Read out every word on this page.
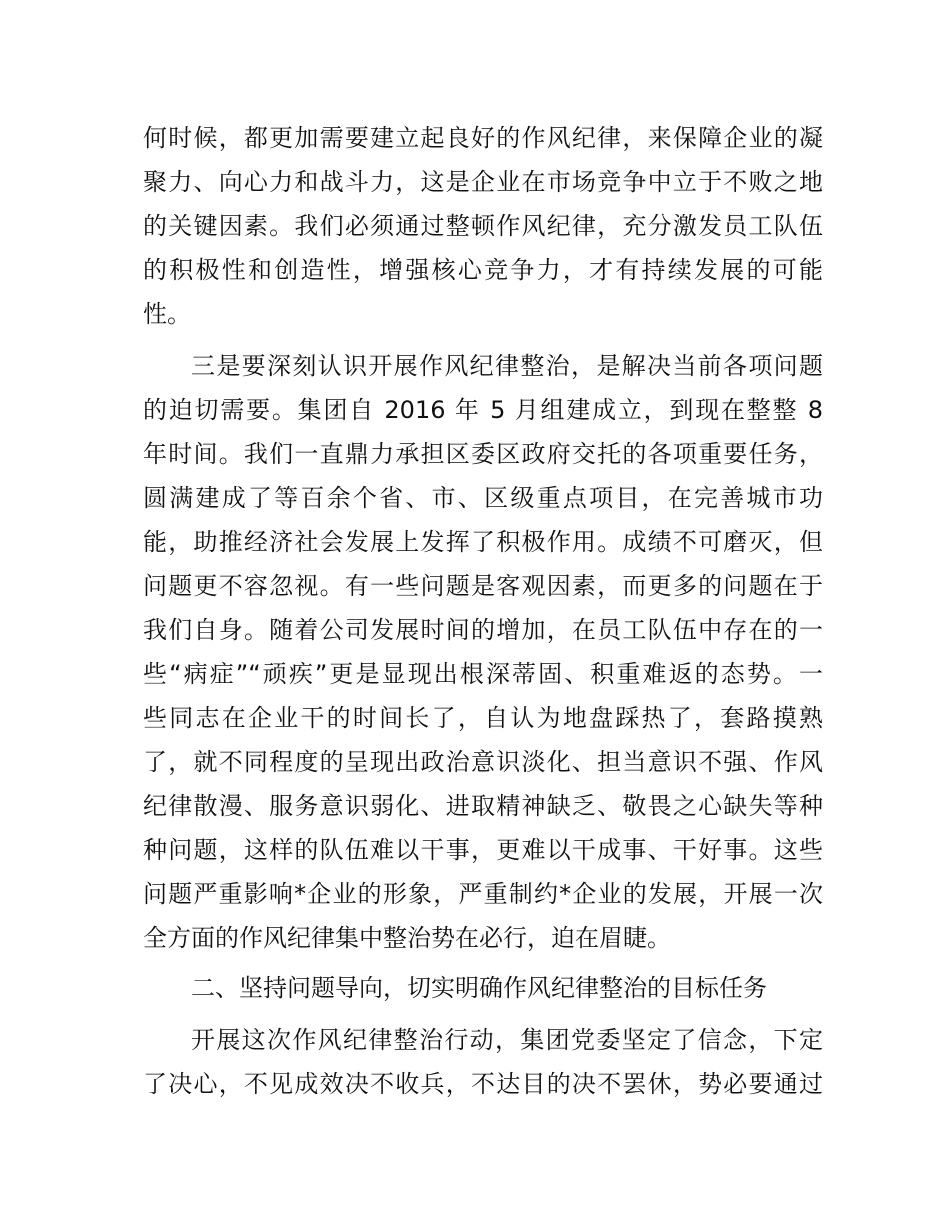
何时候，都更加需要建立起良好的作风纪律，来保障企业的凝
聚力、向心力和战斗力，这是企业在市场竞争中立于不败之地
的关键因素。我们必须通过整顿作风纪律，充分激发员工队伍
的积极性和创造性，增强核心竞争力，才有持续发展的可能
性。
三是要深刻认识开展作风纪律整治，是解决当前各项问题
的迫切需要。集团自 2016 年 5 月组建成立，到现在整整 8
年时间。我们一直鼎力承担区委区政府交托的各项重要任务，
圆满建成了等百余个省、市、区级重点项目，在完善城市功
能，助推经济社会发展上发挥了积极作用。成绩不可磨灭，但
问题更不容忽视。有一些问题是客观因素，而更多的问题在于
我们自身。随着公司发展时间的增加，在员工队伍中存在的一
些“病症”“顽疾”更是显现出根深蒂固、积重难返的态势。一
些同志在企业干的时间长了，自认为地盘踩热了，套路摸熟
了，就不同程度的呈现出政治意识淡化、担当意识不强、作风
纪律散漫、服务意识弱化、进取精神缺乏、敬畏之心缺失等种
种问题，这样的队伍难以干事，更难以干成事、干好事。这些
问题严重影响*企业的形象，严重制约*企业的发展，开展一次
全方面的作风纪律集中整治势在必行，迫在眉睫。
二、坚持问题导向，切实明确作风纪律整治的目标任务
开展这次作风纪律整治行动，集团党委坚定了信念，下定
了决心，不见成效决不收兵，不达目的决不罢休，势必要通过
